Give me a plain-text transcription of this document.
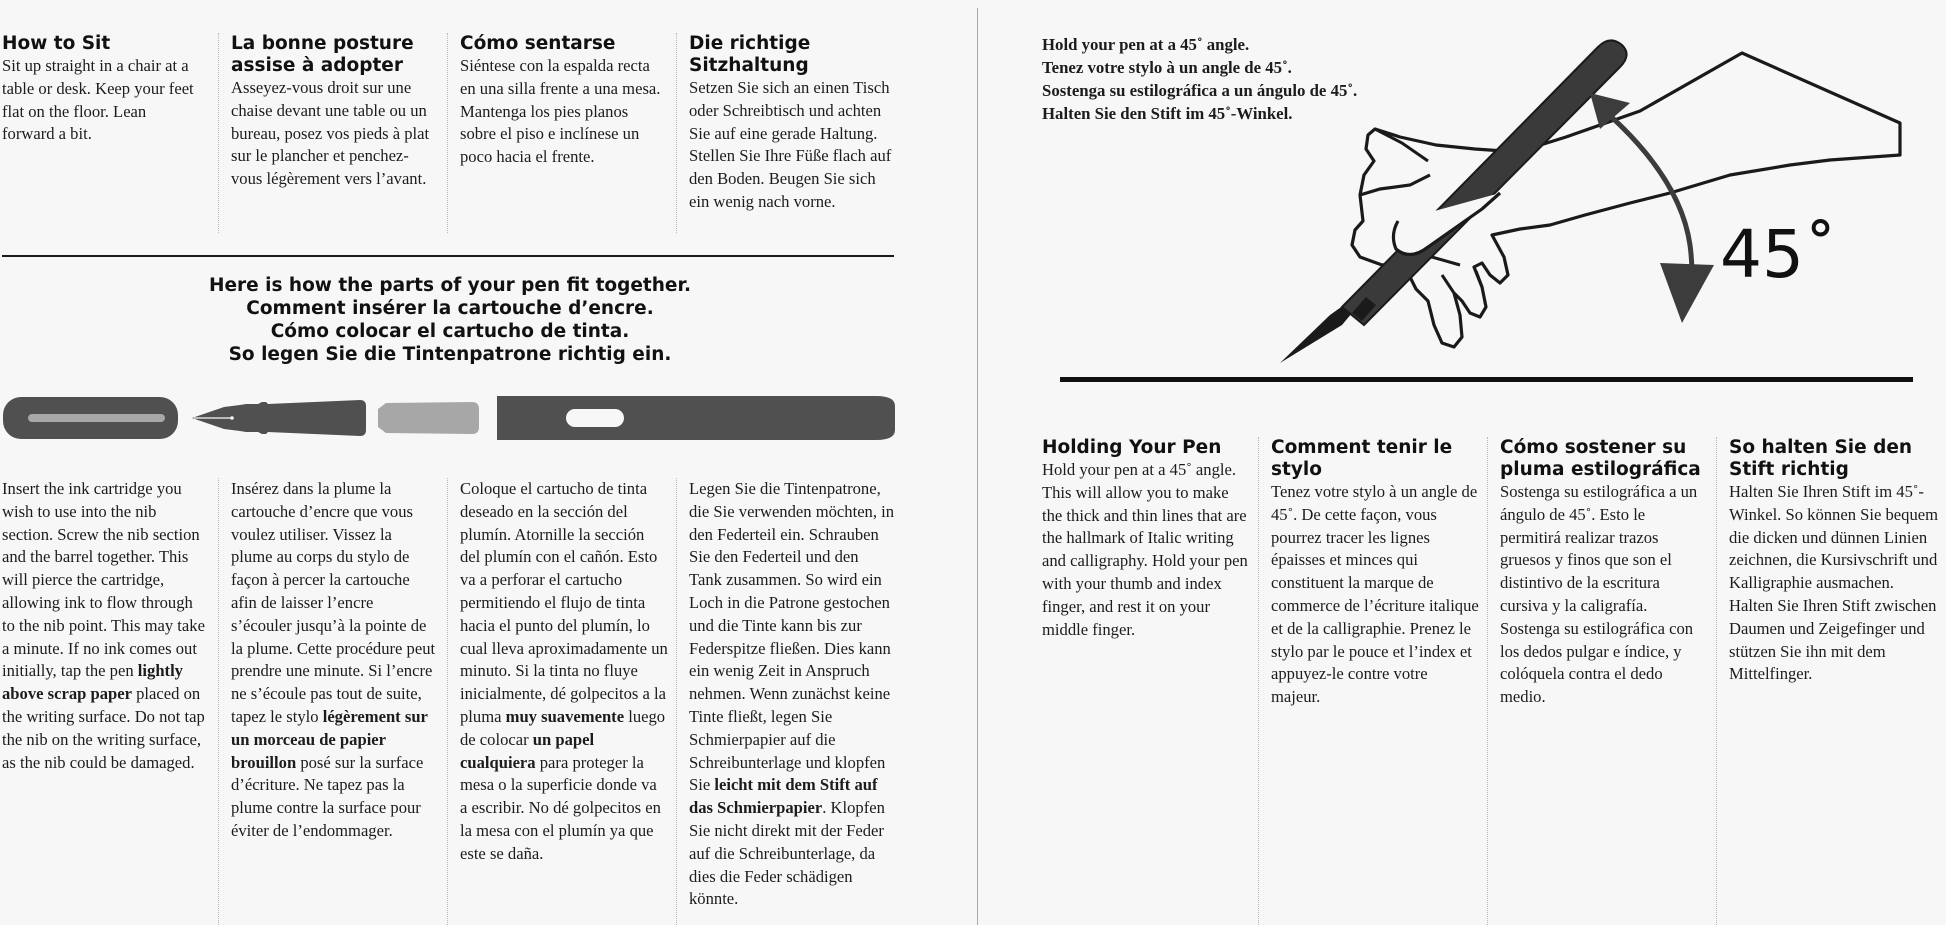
How to Sit
Sit up straight in a chair at a table or desk. Keep your feet flat on the floor. Lean forward a bit.
La bonne posture assise à adopter
Asseyez-vous droit sur une chaise devant une table ou un bureau, posez vos pieds à plat sur le plancher et penchez-vous légèrement vers l’avant.
Cómo sentarse
Siéntese con la espalda recta en una silla frente a una mesa. Mantenga los pies planos sobre el piso e inclínese un poco hacia el frente.
Die richtige Sitzhaltung
Setzen Sie sich an einen Tisch oder Schreibtisch und achten Sie auf eine gerade Haltung. Stellen Sie Ihre Füße flach auf den Boden. Beugen Sie sich ein wenig nach vorne.
Here is how the parts of your pen fit together.
Comment insérer la cartouche d’encre.
Cómo colocar el cartucho de tinta.
So legen Sie die Tintenpatrone richtig ein.
Insert the ink cartridge you wish to use into the nib section. Screw the nib section and the barrel together. This will pierce the cartridge, allowing ink to flow through to the nib point. This may take a minute. If no ink comes out initially, tap the pen lightly above scrap paper placed on the writing surface. Do not tap the nib on the writing surface, as the nib could be damaged.
Insérez dans la plume la cartouche d’encre que vous voulez utiliser. Vissez la plume au corps du stylo de façon à percer la cartouche afin de laisser l’encre s’écouler jusqu’à la pointe de la plume. Cette procédure peut prendre une minute. Si l’encre ne s’écoule pas tout de suite, tapez le stylo légèrement sur un morceau de papier brouillon posé sur la surface d’écriture. Ne tapez pas la plume contre la surface pour éviter de l’endommager.
Coloque el cartucho de tinta deseado en la sección del plumín. Atornille la sección del plumín con el cañón. Esto va a perforar el cartucho permitiendo el flujo de tinta hacia el punto del plumín, lo cual lleva aproximadamente un minuto. Si la tinta no fluye inicialmente, dé golpecitos a la pluma muy suavemente luego de colocar un papel cualquiera para proteger la mesa o la superficie donde va a escribir. No dé golpecitos en la mesa con el plumín ya que este se daña.
Legen Sie die Tintenpatrone, die Sie verwenden möchten, in den Federteil ein. Schrauben Sie den Federteil und den Tank zusammen. So wird ein Loch in die Patrone gestochen und die Tinte kann bis zur Federspitze fließen. Dies kann ein wenig Zeit in Anspruch nehmen. Wenn zunächst keine Tinte fließt, legen Sie Schmierpapier auf die Schreibunterlage und klopfen Sie leicht mit dem Stift auf das Schmierpapier. Klopfen Sie nicht direkt mit der Feder auf die Schreibunterlage, da dies die Feder schädigen könnte.
Hold your pen at a 45˚ angle.
Tenez votre stylo à un angle de 45˚.
Sostenga su estilográfica a un ángulo de 45˚.
Halten Sie den Stift im 45˚-Winkel.
45˚
Holding Your Pen
Hold your pen at a 45˚ angle. This will allow you to make the thick and thin lines that are the hallmark of Italic writing and calligraphy. Hold your pen with your thumb and index finger, and rest it on your middle finger.
Comment tenir le stylo
Tenez votre stylo à un angle de 45˚. De cette façon, vous pourrez tracer les lignes épaisses et minces qui constituent la marque de commerce de l’écriture italique et de la calligraphie. Prenez le stylo par le pouce et l’index et appuyez-le contre votre majeur.
Cómo sostener su pluma estilográfica
Sostenga su estilográfica a un ángulo de 45˚. Esto le permitirá realizar trazos gruesos y finos que son el distintivo de la escritura cursiva y la caligrafía. Sostenga su estilográfica con los dedos pulgar e índice, y colóquela contra el dedo medio.
So halten Sie den Stift richtig
Halten Sie Ihren Stift im 45˚-Winkel. So können Sie bequem die dicken und dünnen Linien zeichnen, die Kursivschrift und Kalligraphie ausmachen. Halten Sie Ihren Stift zwischen Daumen und Zeigefinger und stützen Sie ihn mit dem Mittelfinger.
